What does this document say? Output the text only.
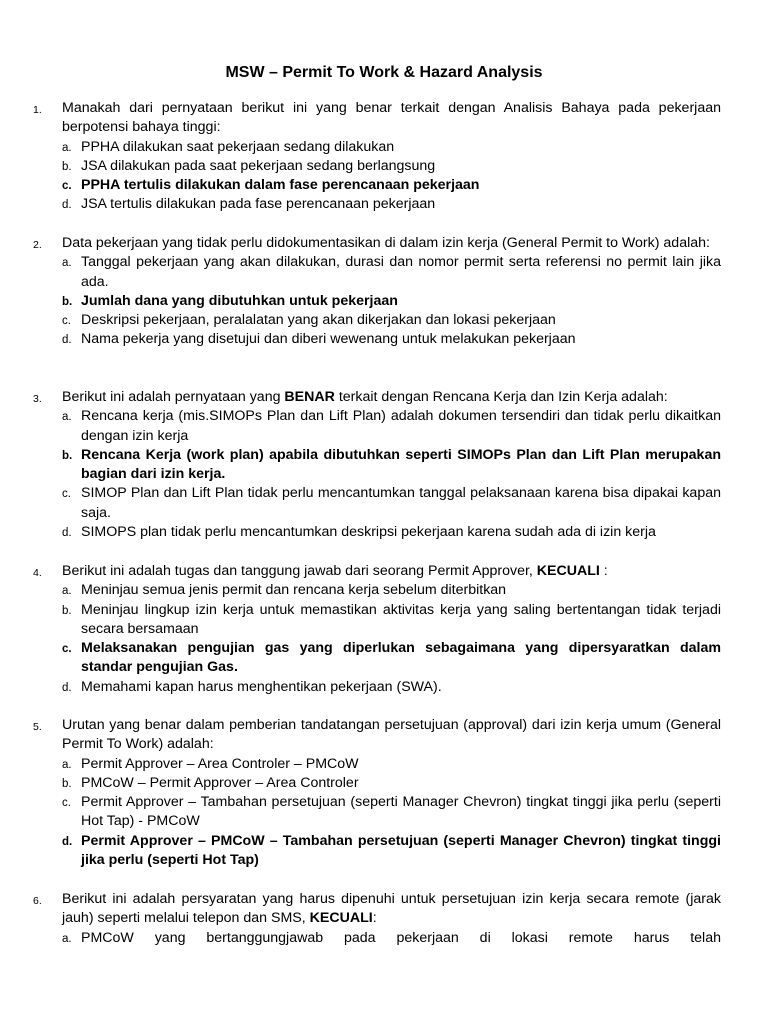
MSW – Permit To Work & Hazard Analysis
1. Manakah dari pernyataan berikut ini yang benar terkait dengan Analisis Bahaya pada pekerjaan berpotensi bahaya tinggi:
a. PPHA dilakukan saat pekerjaan sedang dilakukan
b. JSA dilakukan pada saat pekerjaan sedang berlangsung
c. PPHA tertulis dilakukan dalam fase perencanaan pekerjaan
d. JSA tertulis dilakukan pada fase perencanaan pekerjaan
2. Data pekerjaan yang tidak perlu didokumentasikan di dalam izin kerja (General Permit to Work) adalah:
a. Tanggal pekerjaan yang akan dilakukan, durasi dan nomor permit serta referensi no permit lain jika ada.
b. Jumlah dana yang dibutuhkan untuk pekerjaan
c. Deskripsi pekerjaan, peralalatan yang akan dikerjakan dan lokasi pekerjaan
d. Nama pekerja yang disetujui dan diberi wewenang untuk melakukan pekerjaan
3. Berikut ini adalah pernyataan yang BENAR terkait dengan Rencana Kerja dan Izin Kerja adalah:
a. Rencana kerja (mis.SIMOPs Plan dan Lift Plan) adalah dokumen tersendiri dan tidak perlu dikaitkan dengan izin kerja
b. Rencana Kerja (work plan) apabila dibutuhkan seperti SIMOPs Plan dan Lift Plan merupakan bagian dari izin kerja.
c. SIMOP Plan dan Lift Plan tidak perlu mencantumkan tanggal pelaksanaan karena bisa dipakai kapan saja.
d. SIMOPS plan tidak perlu mencantumkan deskripsi pekerjaan karena sudah ada di izin kerja
4. Berikut ini adalah tugas dan tanggung jawab dari seorang Permit Approver, KECUALI :
a. Meninjau semua jenis permit dan rencana kerja sebelum diterbitkan
b. Meninjau lingkup izin kerja untuk memastikan aktivitas kerja yang saling bertentangan tidak terjadi secara bersamaan
c. Melaksanakan pengujian gas yang diperlukan sebagaimana yang dipersyaratkan dalam standar pengujian Gas.
d. Memahami kapan harus menghentikan pekerjaan (SWA).
5. Urutan yang benar dalam pemberian tandatangan persetujuan (approval) dari izin kerja umum (General Permit To Work) adalah:
a. Permit Approver – Area Controler – PMCoW
b. PMCoW – Permit Approver – Area Controler
c. Permit Approver – Tambahan persetujuan (seperti Manager Chevron) tingkat tinggi jika perlu (seperti Hot Tap) - PMCoW
d. Permit Approver – PMCoW – Tambahan persetujuan (seperti Manager Chevron) tingkat tinggi jika perlu (seperti Hot Tap)
6. Berikut ini adalah persyaratan yang harus dipenuhi untuk persetujuan izin kerja secara remote (jarak jauh) seperti melalui telepon dan SMS, KECUALI:
a. PMCoW yang bertanggungjawab pada pekerjaan di lokasi remote harus telah
